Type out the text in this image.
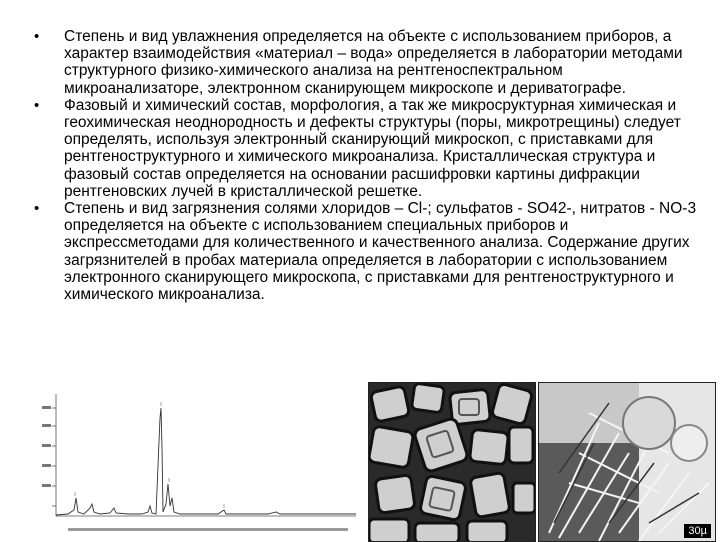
• Степень и вид увлажнения определяется на объекте с использованием приборов, а характер взаимодействия «материал – вода» определяется в лаборатории методами структурного физико-химического анализа на рентгеноспектральном микроанализаторе, электронном сканирующем микроскопе и дериватографе.
• Фазовый и химический состав, морфология, а так же микросруктурная химическая и геохимическая неоднородность и дефекты структуры (поры, микротрещины) следует определять, используя электронный сканирующий микроскоп, с приставками для рентгеноструктурного и химического микроанализа. Кристаллическая структура и фазовый состав определяется на основании расшифровки картины дифракции рентгеновских лучей в кристаллической решетке.
• Степень и вид загрязнения солями хлоридов – Cl-; сульфатов - SO42-, нитратов - NO-3 определяется на объекте с использованием специальных приборов и экспрессметодами для количественного и качественного анализа. Содержание других загрязнителей в пробах материала определяется в лаборатории с использованием электронного сканирующего микроскопа, с приставками для рентгеноструктурного и химического микроанализа.
30µ
